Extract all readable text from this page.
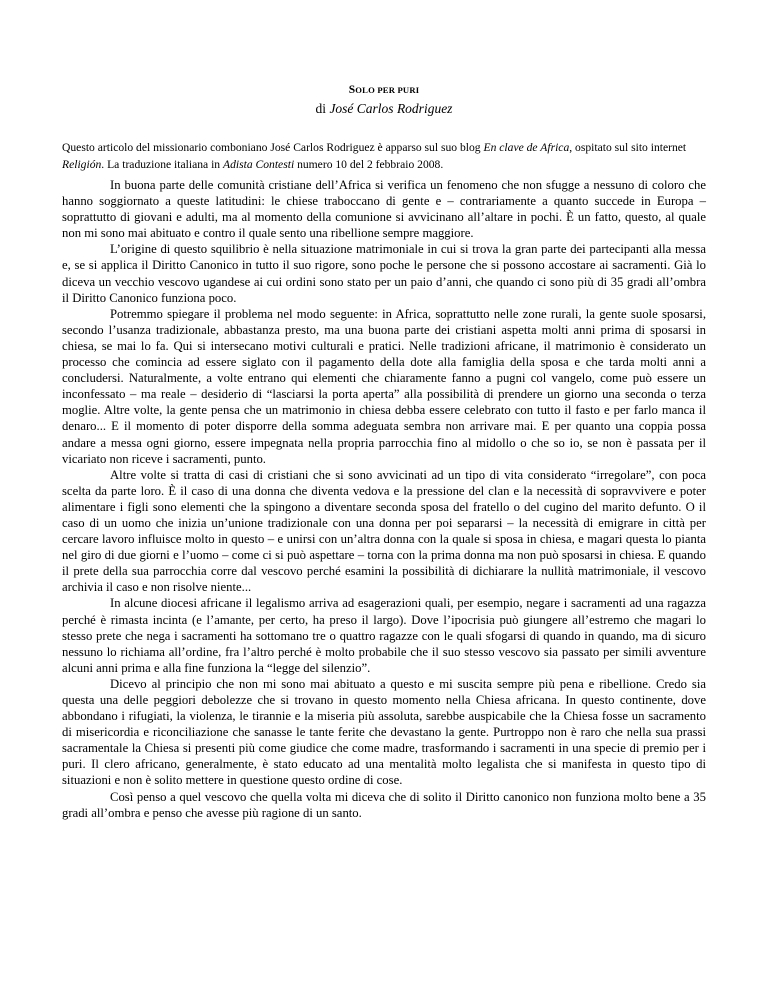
SOLO PER PURI
di José Carlos Rodriguez
Questo articolo del missionario comboniano José Carlos Rodriguez è apparso sul suo blog En clave de Africa, ospitato sul sito internet Religión. La traduzione italiana in Adista Contesti numero 10 del 2 febbraio 2008.

In buona parte delle comunità cristiane dell’Africa si verifica un fenomeno che non sfugge a nessuno di coloro che hanno soggiornato a queste latitudini: le chiese traboccano di gente e – contrariamente a quanto succede in Europa – soprattutto di giovani e adulti, ma al momento della comunione si avvicinano all’altare in pochi. È un fatto, questo, al quale non mi sono mai abituato e contro il quale sento una ribellione sempre maggiore.

L’origine di questo squilibrio è nella situazione matrimoniale in cui si trova la gran parte dei partecipanti alla messa e, se si applica il Diritto Canonico in tutto il suo rigore, sono poche le persone che si possono accostare ai sacramenti. Già lo diceva un vecchio vescovo ugandese ai cui ordini sono stato per un paio d’anni, che quando ci sono più di 35 gradi all’ombra il Diritto Canonico funziona poco.

Potremmo spiegare il problema nel modo seguente: in Africa, soprattutto nelle zone rurali, la gente suole sposarsi, secondo l’usanza tradizionale, abbastanza presto, ma una buona parte dei cristiani aspetta molti anni prima di sposarsi in chiesa, se mai lo fa. Qui si intersecano motivi culturali e pratici. Nelle tradizioni africane, il matrimonio è considerato un processo che comincia ad essere siglato con il pagamento della dote alla famiglia della sposa e che tarda molti anni a concludersi. Naturalmente, a volte entrano qui elementi che chiaramente fanno a pugni col vangelo, come può essere un inconfessato – ma reale – desiderio di “lasciarsi la porta aperta” alla possibilità di prendere un giorno una seconda o terza moglie. Altre volte, la gente pensa che un matrimonio in chiesa debba essere celebrato con tutto il fasto e per farlo manca il denaro... E il momento di poter disporre della somma adeguata sembra non arrivare mai. E per quanto una coppia possa andare a messa ogni giorno, essere impegnata nella propria parrocchia fino al midollo o che so io, se non è passata per il vicariato non riceve i sacramenti, punto.

Altre volte si tratta di casi di cristiani che si sono avvicinati ad un tipo di vita considerato “irregolare”, con poca scelta da parte loro. È il caso di una donna che diventa vedova e la pressione del clan e la necessità di sopravvivere e poter alimentare i figli sono elementi che la spingono a diventare seconda sposa del fratello o del cugino del marito defunto. O il caso di un uomo che inizia un’unione tradizionale con una donna per poi separarsi – la necessità di emigrare in città per cercare lavoro influisce molto in questo – e unirsi con un’altra donna con la quale si sposa in chiesa, e magari questa lo pianta nel giro di due giorni e l’uomo – come ci si può aspettare – torna con la prima donna ma non può sposarsi in chiesa. E quando il prete della sua parrocchia corre dal vescovo perché esamini la possibilità di dichiarare la nullità matrimoniale, il vescovo archivia il caso e non risolve niente...

In alcune diocesi africane il legalismo arriva ad esagerazioni quali, per esempio, negare i sacramenti ad una ragazza perché è rimasta incinta (e l’amante, per certo, ha preso il largo). Dove l’ipocrisia può giungere all’estremo che magari lo stesso prete che nega i sacramenti ha sottomano tre o quattro ragazze con le quali sfogarsi di quando in quando, ma di sicuro nessuno lo richiama all’ordine, fra l’altro perché è molto probabile che il suo stesso vescovo sia passato per simili avventure alcuni anni prima e alla fine funziona la “legge del silenzio”.

Dicevo al principio che non mi sono mai abituato a questo e mi suscita sempre più pena e ribellione. Credo sia questa una delle peggiori debolezze che si trovano in questo momento nella Chiesa africana. In questo continente, dove abbondano i rifugiati, la violenza, le tirannie e la miseria più assoluta, sarebbe auspicabile che la Chiesa fosse un sacramento di misericordia e riconciliazione che sanasse le tante ferite che devastano la gente. Purtroppo non è raro che nella sua prassi sacramentale la Chiesa si presenti più come giudice che come madre, trasformando i sacramenti in una specie di premio per i puri. Il clero africano, generalmente, è stato educato ad una mentalità molto legalista che si manifesta in questo tipo di situazioni e non è solito mettere in questione questo ordine di cose.

Così penso a quel vescovo che quella volta mi diceva che di solito il Diritto canonico non funziona molto bene a 35 gradi all’ombra e penso che avesse più ragione di un santo.
